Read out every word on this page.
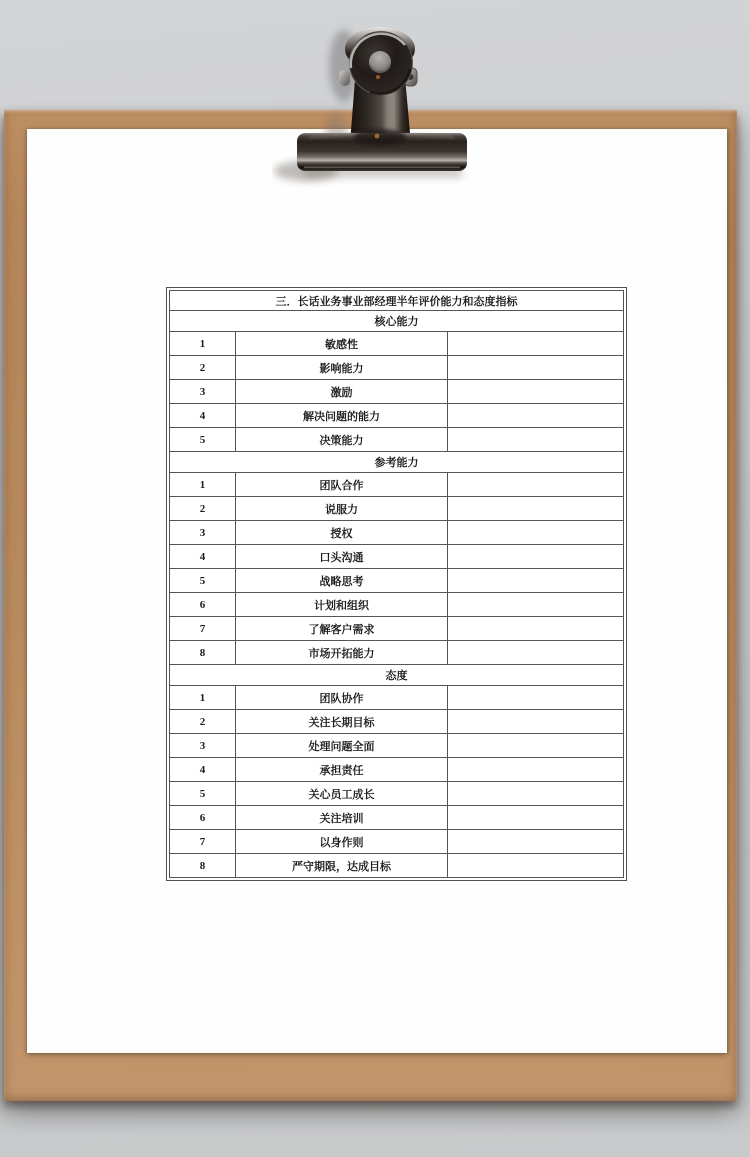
三．长话业务事业部经理半年评价能力和态度指标		
核心能力		
1	敏感性	
2	影响能力	
3	激励	
4	解决问题的能力	
5	决策能力	
参考能力		
1	团队合作	
2	说服力	
3	授权	
4	口头沟通	
5	战略思考	
6	计划和组织	
7	了解客户需求	
8	市场开拓能力	
态度		
1	团队协作	
2	关注长期目标	
3	处理问题全面	
4	承担责任	
5	关心员工成长	
6	关注培训	
7	以身作则	
8	严守期限，达成目标	
